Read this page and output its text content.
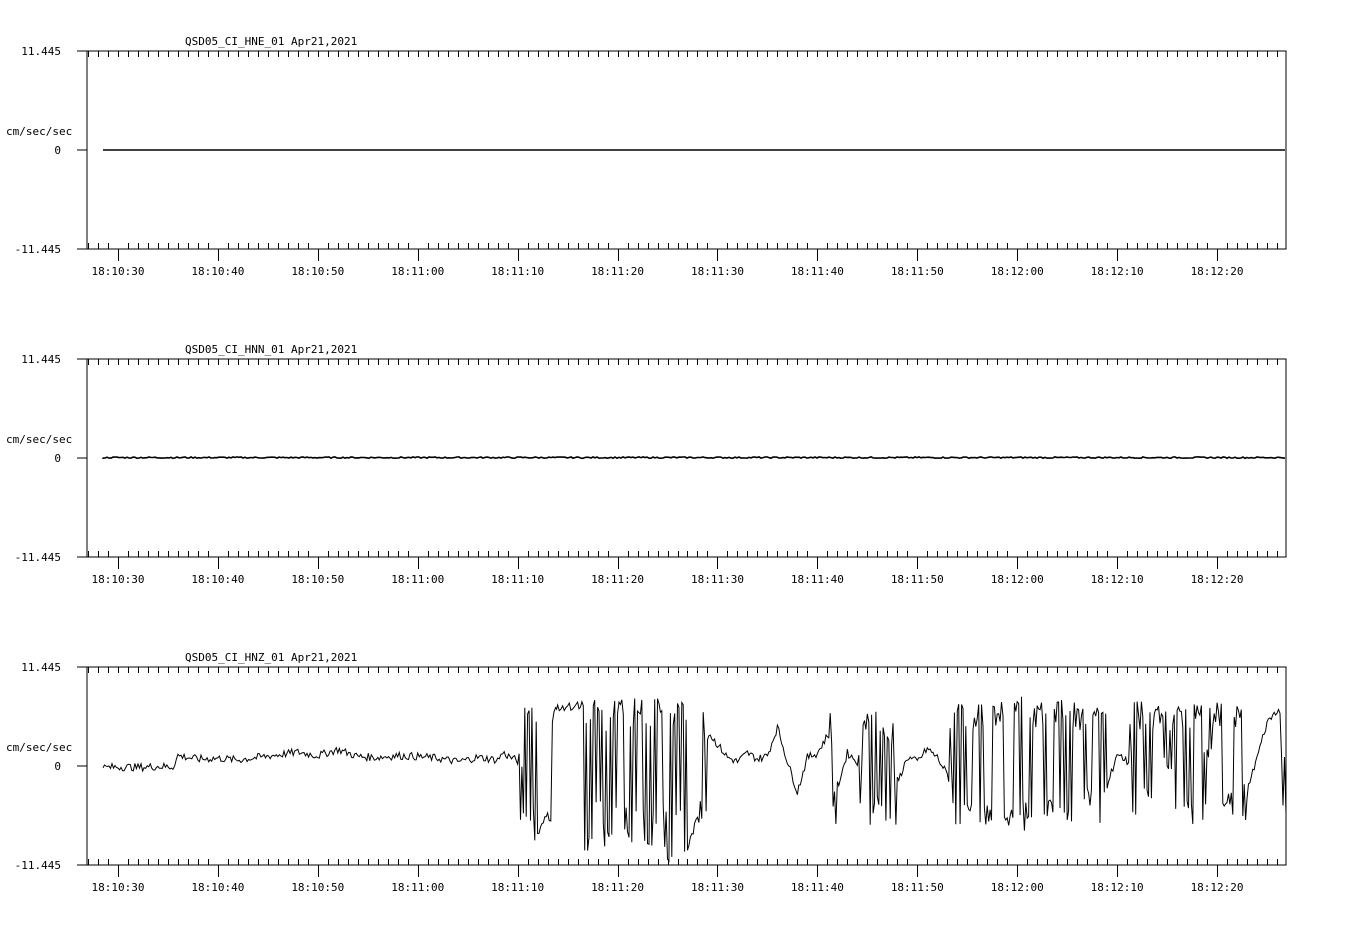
18:10:30	18:10:40	18:10:50	18:11:00	18:11:10	18:11:20	18:11:30	18:11:40	18:11:50	18:12:00	18:12:10	18:12:20
11.445
0
-11.445
cm/sec/sec
QSD05_CI_HNE_01 Apr21,2021
18:10:30	18:10:40	18:10:50	18:11:00	18:11:10	18:11:20	18:11:30	18:11:40	18:11:50	18:12:00	18:12:10	18:12:20
11.445
0
-11.445
cm/sec/sec
QSD05_CI_HNN_01 Apr21,2021
18:10:30	18:10:40	18:10:50	18:11:00	18:11:10	18:11:20	18:11:30	18:11:40	18:11:50	18:12:00	18:12:10	18:12:20
11.445
0
-11.445
cm/sec/sec
QSD05_CI_HNZ_01 Apr21,2021
